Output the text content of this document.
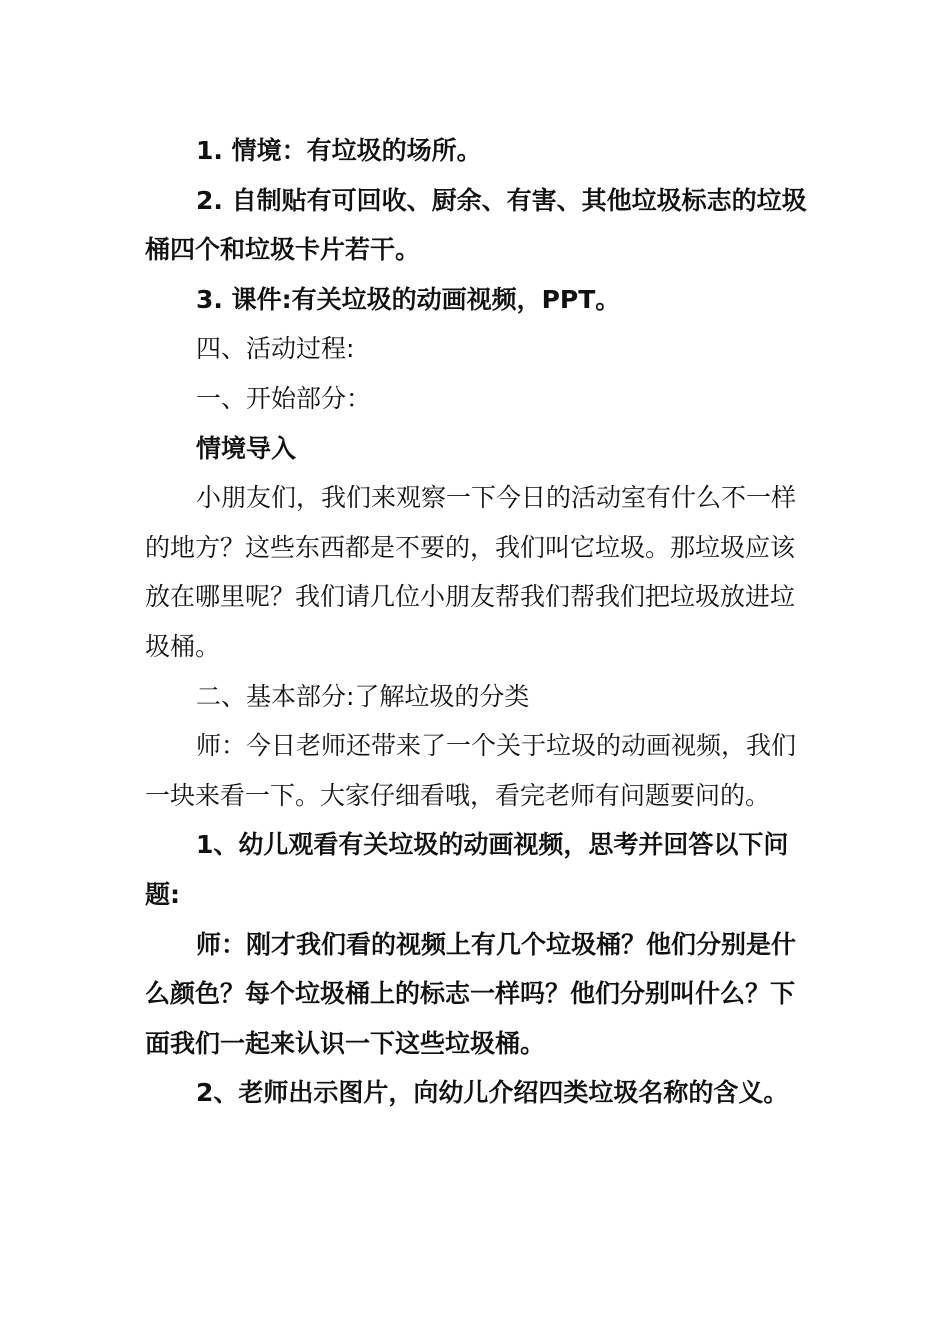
1. 情境：有垃圾的场所。

2. 自制贴有可回收、厨余、有害、其他垃圾标志的垃圾桶四个和垃圾卡片若干。

3. 课件:有关垃圾的动画视频，PPT。

四、活动过程:

一、开始部分：

情境导入

小朋友们，我们来观察一下今日的活动室有什么不一样的地方？这些东西都是不要的，我们叫它垃圾。那垃圾应该放在哪里呢？我们请几位小朋友帮我们帮我们把垃圾放进垃圾桶。

二、基本部分:了解垃圾的分类

师：今日老师还带来了一个关于垃圾的动画视频，我们一块来看一下。大家仔细看哦，看完老师有问题要问的。

1、幼儿观看有关垃圾的动画视频，思考并回答以下问题:

师：刚才我们看的视频上有几个垃圾桶？他们分别是什么颜色？每个垃圾桶上的标志一样吗？他们分别叫什么？下面我们一起来认识一下这些垃圾桶。

2、老师出示图片，向幼儿介绍四类垃圾名称的含义。
